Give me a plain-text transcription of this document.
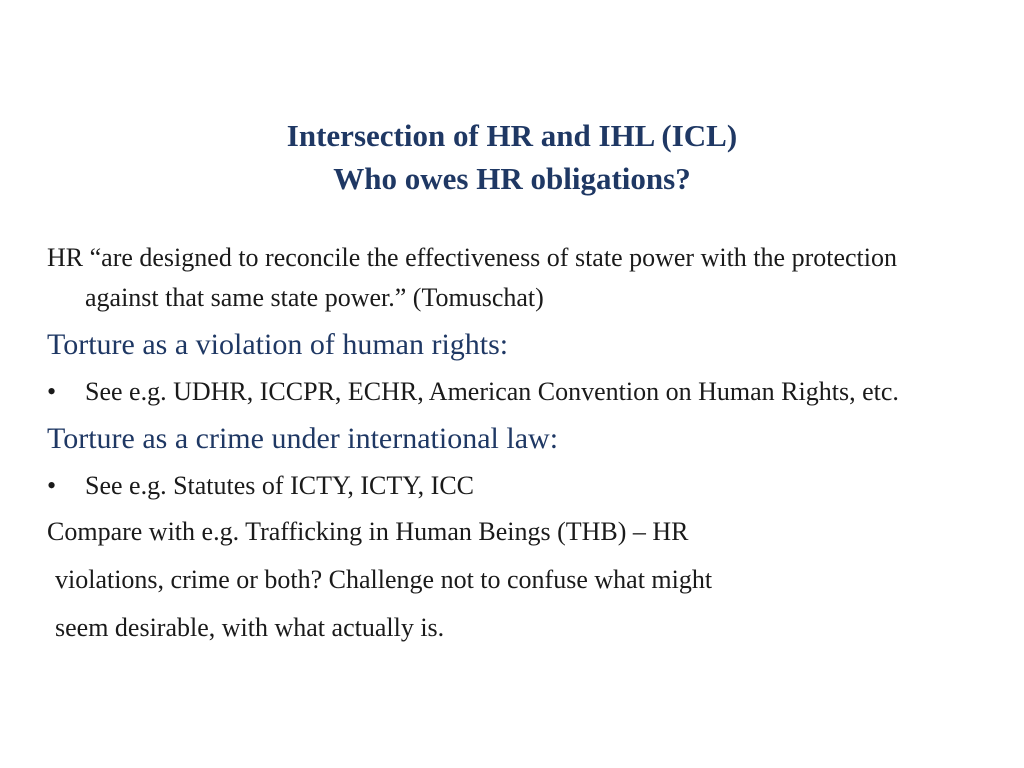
Intersection of HR and IHL (ICL)
Who owes HR obligations?

HR “are designed to reconcile the effectiveness of state power with the protection against that same state power.” (Tomuschat)

Torture as a violation of human rights:

•	See e.g. UDHR, ICCPR, ECHR, American Convention on Human Rights, etc.

Torture as a crime under international law:

•	See e.g. Statutes of ICTY, ICTY, ICC

Compare with e.g. Trafficking in Human Beings (THB) – HR

violations, crime or both? Challenge not to confuse what might

seem desirable, with what actually is.
